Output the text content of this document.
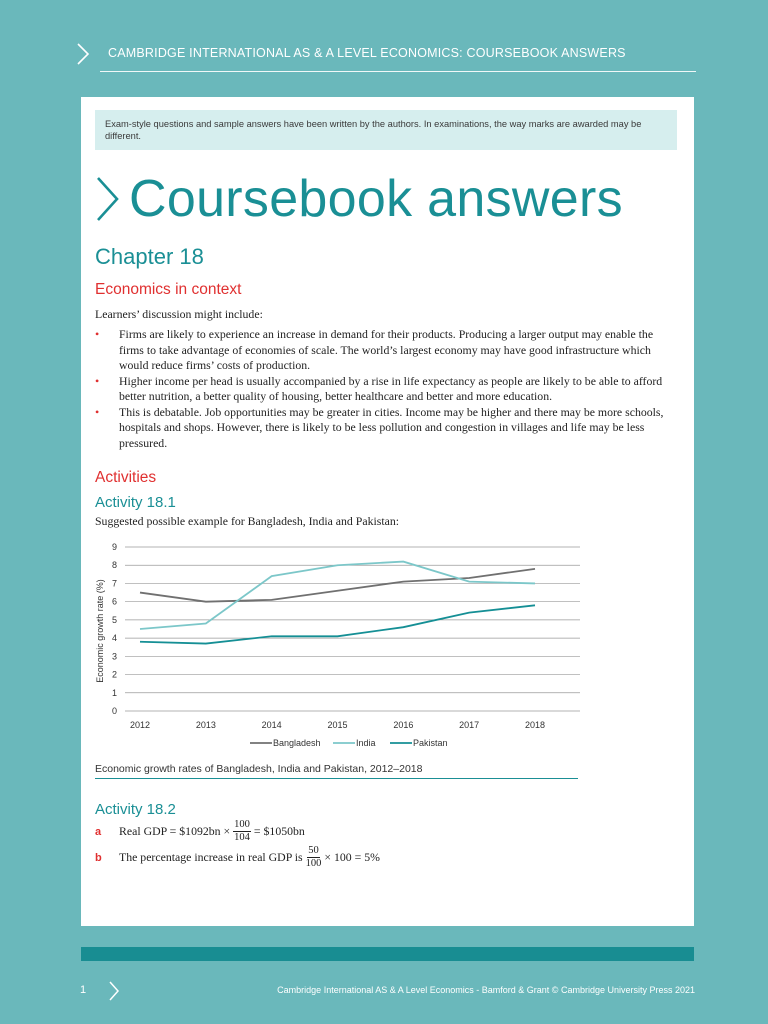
CAMBRIDGE INTERNATIONAL AS & A LEVEL ECONOMICS: COURSEBOOK ANSWERS
Exam-style questions and sample answers have been written by the authors. In examinations, the way marks are awarded may be different.
Coursebook answers
Chapter 18
Economics in context
Learners’ discussion might include:
• Firms are likely to experience an increase in demand for their products. Producing a larger output may enable the firms to take advantage of economies of scale. The world’s largest economy may have good infrastructure which would reduce firms’ costs of production.
• Higher income per head is usually accompanied by a rise in life expectancy as people are likely to be able to afford better nutrition, a better quality of housing, better healthcare and better and more education.
• This is debatable. Job opportunities may be greater in cities. Income may be higher and there may be more schools, hospitals and shops. However, there is likely to be less pollution and congestion in villages and life may be less pressured.
Activities
Activity 18.1
Suggested possible example for Bangladesh, India and Pakistan:
0
1
2
3
4
5
6
7
8
9
2012	2013	2014	2015	2016	2017	2018
Economic growth rate (%)
Bangladesh	India	Pakistan
Economic growth rates of Bangladesh, India and Pakistan, 2012–2018
Activity 18.2
a	Real GDP = $1092bn × $\frac{100}{104}$ = $1050bn
b	The percentage increase in real GDP is $\frac{50}{100} \times 100 = 5\%$
1	Cambridge International AS & A Level Economics - Bamford & Grant © Cambridge University Press 2021
